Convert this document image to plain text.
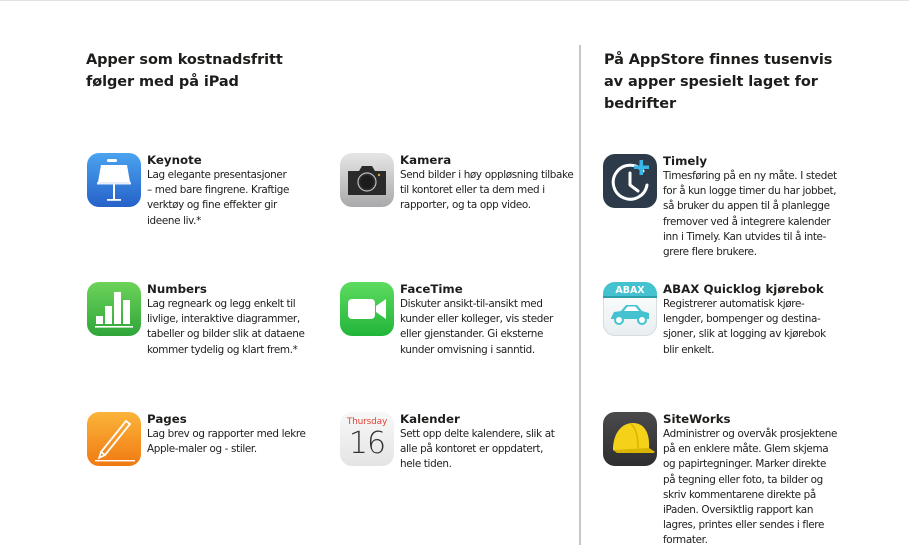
Apper som kostnadsfritt
følger med på iPad
På AppStore finnes tusenvis
av apper spesielt laget for
bedrifter
Keynote
Lag elegante presentasjoner
– med bare fingrene. Kraftige
verktøy og fine effekter gir
ideene liv.*
Kamera
Send bilder i høy oppløsning tilbake
til kontoret eller ta dem med i
rapporter, og ta opp video.
Numbers
Lag regneark og legg enkelt til
livlige, interaktive diagrammer,
tabeller og bilder slik at dataene
kommer tydelig og klart frem.*
FaceTime
Diskuter ansikt-til-ansikt med
kunder eller kolleger, vis steder
eller gjenstander. Gi eksterne
kunder omvisning i sanntid.
Pages
Lag brev og rapporter med lekre
Apple-maler og - stiler.
Thursday
16
Kalender
Sett opp delte kalendere, slik at
alle på kontoret er oppdatert,
hele tiden.
Timely
Timesføring på en ny måte. I stedet
for å kun logge timer du har jobbet,
så bruker du appen til å planlegge
fremover ved å integrere kalender
inn i Timely. Kan utvides til å inte-
grere flere brukere.
ABAX ABAX Quicklog kjørebok
Registrerer automatisk kjøre-
lengder, bompenger og destina-
sjoner, slik at logging av kjørebok
blir enkelt.
SiteWorks
Administrer og overvåk prosjektene
på en enklere måte. Glem skjema
og papirtegninger. Marker direkte
på tegning eller foto, ta bilder og
skriv kommentarene direkte på
iPaden. Oversiktlig rapport kan
lagres, printes eller sendes i flere
formater.
